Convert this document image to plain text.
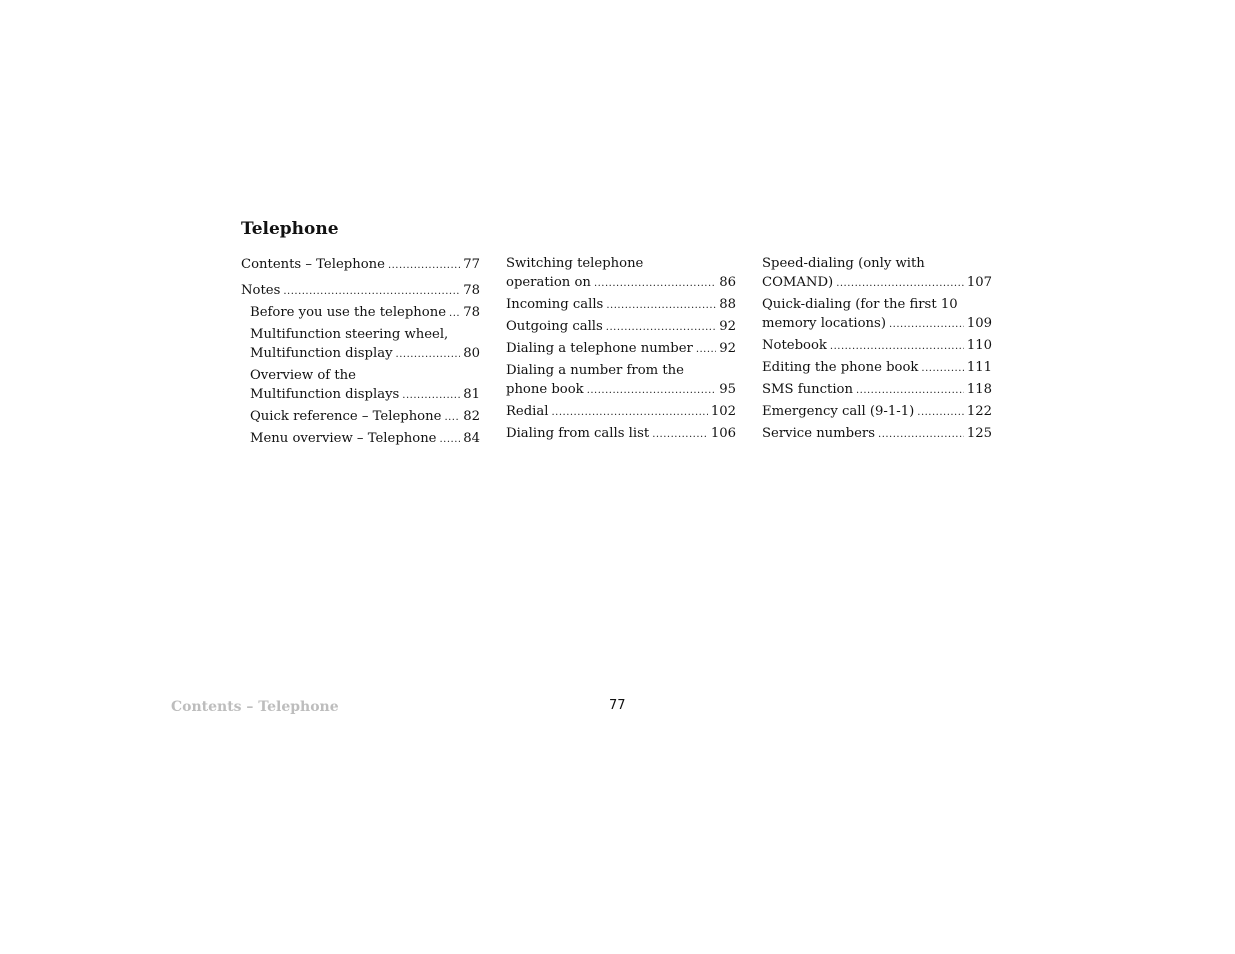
Telephone
Contents – Telephone .....	77
Notes .....	78
Before you use the telephone ..... 78
Multifunction steering wheel,
Multifunction display .....	80
Overview of the
Multifunction displays .....	81
Quick reference – Telephone ..... 82
Menu overview – Telephone ..... 84
Switching telephone
operation on .....	86
Incoming calls .....	88
Outgoing calls .....	92
Dialing a telephone number ..... 92
Dialing a number from the
phone book .....	95
Redial .....	102
Dialing from calls list .....	106
Speed-dialing (only with
COMAND) .....	107
Quick-dialing (for the first 10
memory locations) .....	109
Notebook .....	110
Editing the phone book .....	111
SMS function .....	118
Emergency call (9-1-1) .....	122
Service numbers .....	125
Contents – Telephone	77
